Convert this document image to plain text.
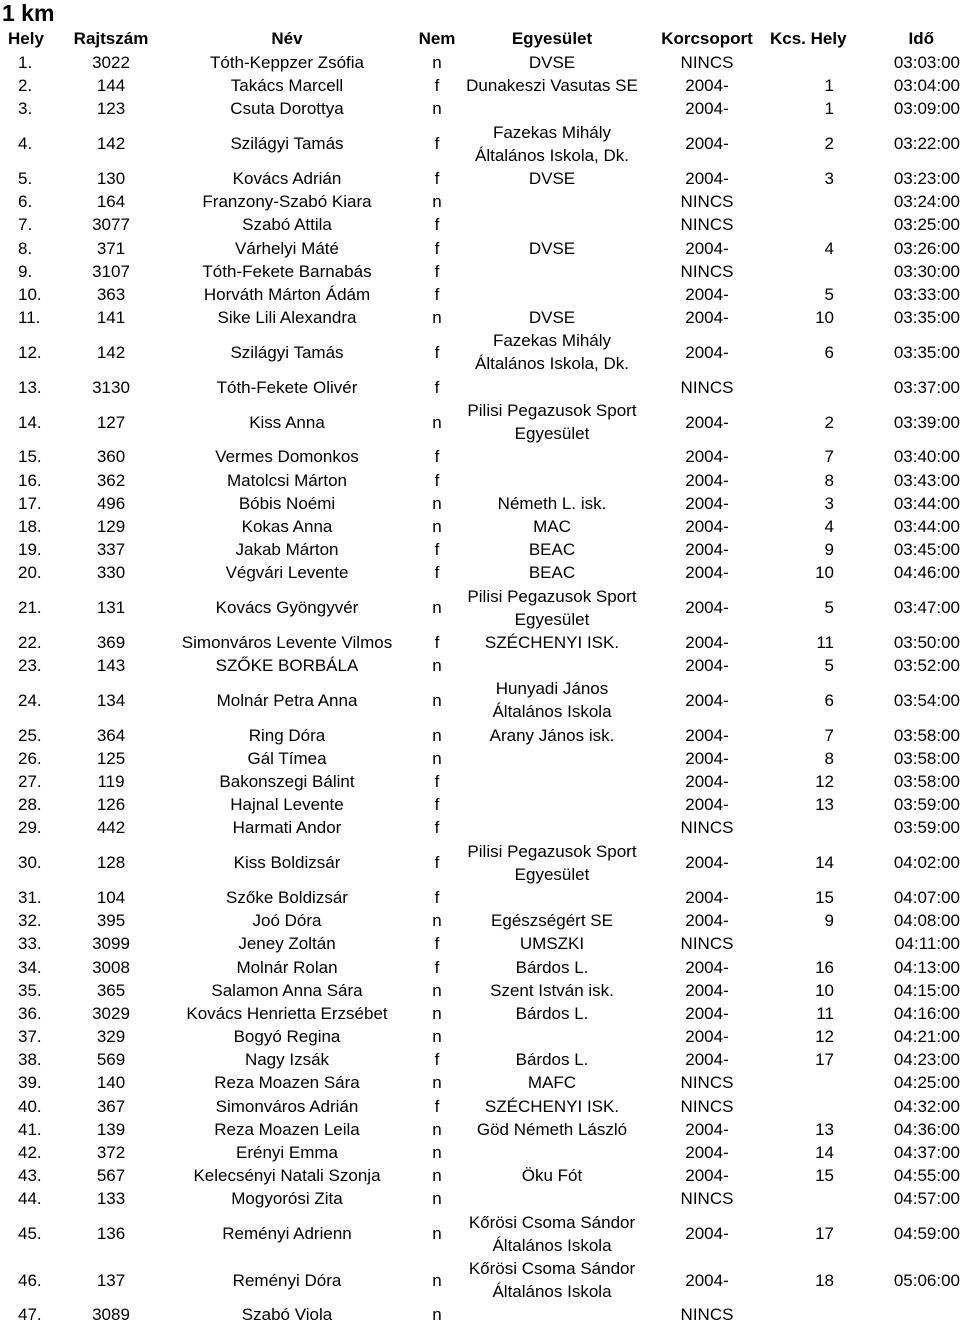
1 km
Hely	Rajtszám	Név	Nem	Egyesület	Korcsoport	Kcs. Hely	Idő
1.	3022	Tóth-Keppzer Zsófia	n	DVSE	NINCS		03:03:00
2.	144	Takács Marcell	f	Dunakeszi Vasutas SE	2004-	1	03:04:00
3.	123	Csuta Dorottya	n		2004-	1	03:09:00
4.	142	Szilágyi Tamás	f	Fazekas Mihály Általános Iskola, Dk.	2004-	2	03:22:00
5.	130	Kovács Adrián	f	DVSE	2004-	3	03:23:00
6.	164	Franzony-Szabó Kiara	n		NINCS		03:24:00
7.	3077	Szabó Attila	f		NINCS		03:25:00
8.	371	Várhelyi Máté	f	DVSE	2004-	4	03:26:00
9.	3107	Tóth-Fekete Barnabás	f		NINCS		03:30:00
10.	363	Horváth Márton Ádám	f		2004-	5	03:33:00
11.	141	Sike Lili Alexandra	n	DVSE	2004-	10	03:35:00
12.	142	Szilágyi Tamás	f	Fazekas Mihály Általános Iskola, Dk.	2004-	6	03:35:00
13.	3130	Tóth-Fekete Olivér	f		NINCS		03:37:00
14.	127	Kiss Anna	n	Pilisi Pegazusok Sport Egyesület	2004-	2	03:39:00
15.	360	Vermes Domonkos	f		2004-	7	03:40:00
16.	362	Matolcsi Márton	f		2004-	8	03:43:00
17.	496	Bóbis Noémi	n	Németh L. isk.	2004-	3	03:44:00
18.	129	Kokas Anna	n	MAC	2004-	4	03:44:00
19.	337	Jakab Márton	f	BEAC	2004-	9	03:45:00
20.	330	Végvári Levente	f	BEAC	2004-	10	04:46:00
21.	131	Kovács Gyöngyvér	n	Pilisi Pegazusok Sport Egyesület	2004-	5	03:47:00
22.	369	Simonváros Levente Vilmos	f	SZÉCHENYI ISK.	2004-	11	03:50:00
23.	143	SZŐKE BORBÁLA	n		2004-	5	03:52:00
24.	134	Molnár Petra Anna	n	Hunyadi János Általános Iskola	2004-	6	03:54:00
25.	364	Ring Dóra	n	Arany János isk.	2004-	7	03:58:00
26.	125	Gál Tímea	n		2004-	8	03:58:00
27.	119	Bakonszegi Bálint	f		2004-	12	03:58:00
28.	126	Hajnal Levente	f		2004-	13	03:59:00
29.	442	Harmati Andor	f		NINCS		03:59:00
30.	128	Kiss Boldizsár	f	Pilisi Pegazusok Sport Egyesület	2004-	14	04:02:00
31.	104	Szőke Boldizsár	f		2004-	15	04:07:00
32.	395	Joó Dóra	n	Egészségért SE	2004-	9	04:08:00
33.	3099	Jeney Zoltán	f	UMSZKI	NINCS		04:11:00
34.	3008	Molnár Rolan	f	Bárdos L.	2004-	16	04:13:00
35.	365	Salamon Anna Sára	n	Szent István isk.	2004-	10	04:15:00
36.	3029	Kovács Henrietta Erzsébet	n	Bárdos L.	2004-	11	04:16:00
37.	329	Bogyó Regina	n		2004-	12	04:21:00
38.	569	Nagy Izsák	f	Bárdos L.	2004-	17	04:23:00
39.	140	Reza Moazen Sára	n	MAFC	NINCS		04:25:00
40.	367	Simonváros Adrián	f	SZÉCHENYI ISK.	NINCS		04:32:00
41.	139	Reza Moazen Leila	n	Göd Németh László	2004-	13	04:36:00
42.	372	Erényi Emma	n		2004-	14	04:37:00
43.	567	Kelecsényi Natali Szonja	n	Öku Fót	2004-	15	04:55:00
44.	133	Mogyorósi Zita	n		NINCS		04:57:00
45.	136	Reményi Adrienn	n	Kőrösi Csoma Sándor Általános Iskola	2004-	17	04:59:00
46.	137	Reményi Dóra	n	Kőrösi Csoma Sándor Általános Iskola	2004-	18	05:06:00
47.	3089	Szabó Viola	n		NINCS		
